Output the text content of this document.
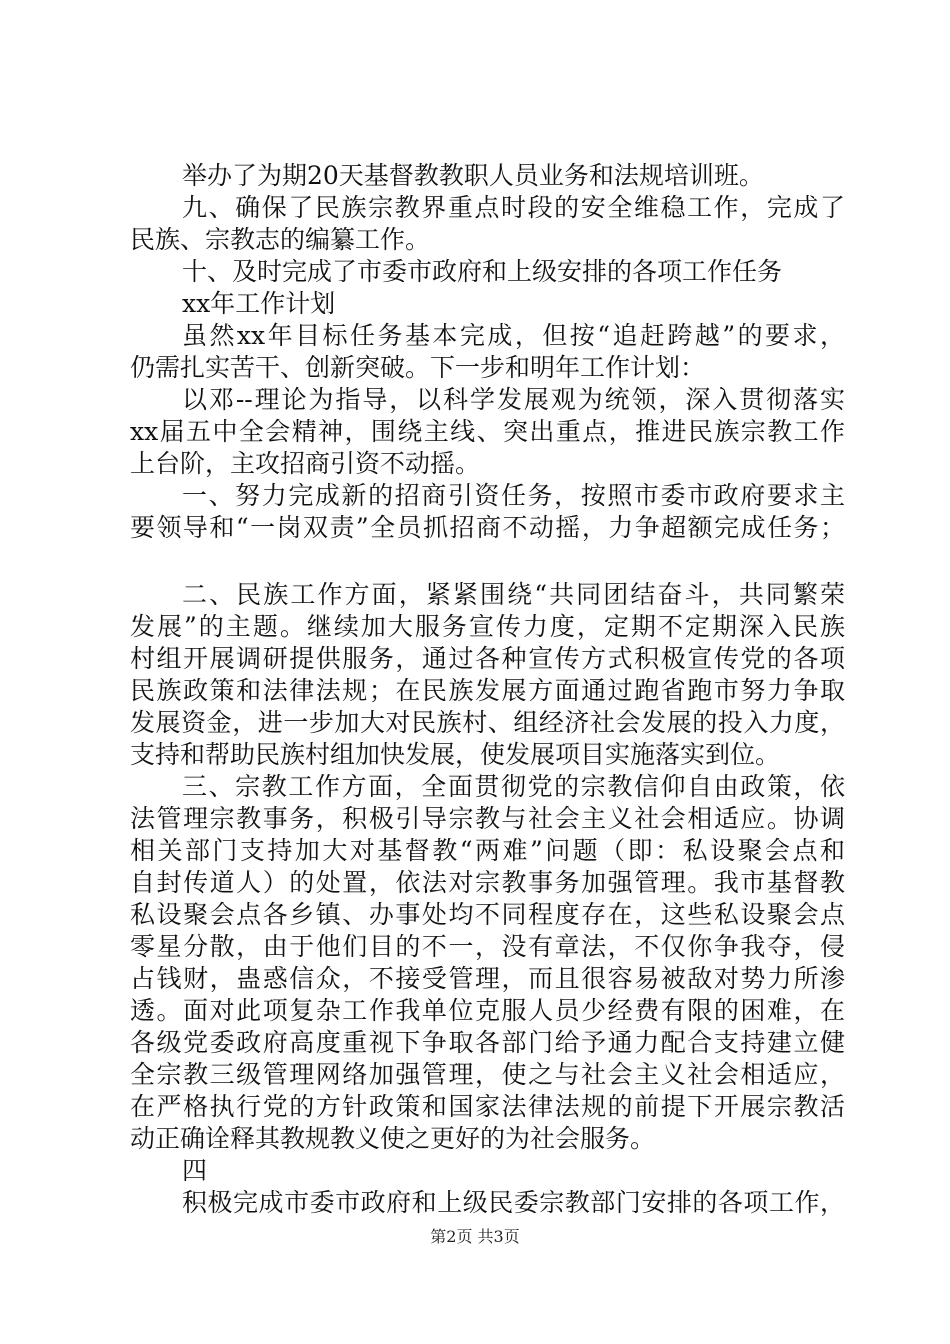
举办了为期20天基督教教职人员业务和法规培训班。
九、确保了民族宗教界重点时段的安全维稳工作，完成了
民族、宗教志的编纂工作。
十、及时完成了市委市政府和上级安排的各项工作任务
xx年工作计划
虽然xx年目标任务基本完成，但按“追赶跨越”的要求，
仍需扎实苦干、创新突破。下一步和明年工作计划：
以邓--理论为指导，以科学发展观为统领，深入贯彻落实
xx届五中全会精神，围绕主线、突出重点，推进民族宗教工作
上台阶，主攻招商引资不动摇。
一、努力完成新的招商引资任务，按照市委市政府要求主
要领导和“一岗双责”全员抓招商不动摇，力争超额完成任务；
二、民族工作方面，紧紧围绕“共同团结奋斗，共同繁荣
发展”的主题。继续加大服务宣传力度，定期不定期深入民族
村组开展调研提供服务，通过各种宣传方式积极宣传党的各项
民族政策和法律法规；在民族发展方面通过跑省跑市努力争取
发展资金，进一步加大对民族村、组经济社会发展的投入力度，
支持和帮助民族村组加快发展，使发展项目实施落实到位。
三、宗教工作方面，全面贯彻党的宗教信仰自由政策，依
法管理宗教事务，积极引导宗教与社会主义社会相适应。协调
相关部门支持加大对基督教“两难”问题（即：私设聚会点和
自封传道人）的处置，依法对宗教事务加强管理。我市基督教
私设聚会点各乡镇、办事处均不同程度存在，这些私设聚会点
零星分散，由于他们目的不一，没有章法，不仅你争我夺，侵
占钱财，蛊惑信众，不接受管理，而且很容易被敌对势力所渗
透。面对此项复杂工作我单位克服人员少经费有限的困难，在
各级党委政府高度重视下争取各部门给予通力配合支持建立健
全宗教三级管理网络加强管理，使之与社会主义社会相适应，
在严格执行党的方针政策和国家法律法规的前提下开展宗教活
动正确诠释其教规教义使之更好的为社会服务。
四
积极完成市委市政府和上级民委宗教部门安排的各项工作，
第2页 共3页
